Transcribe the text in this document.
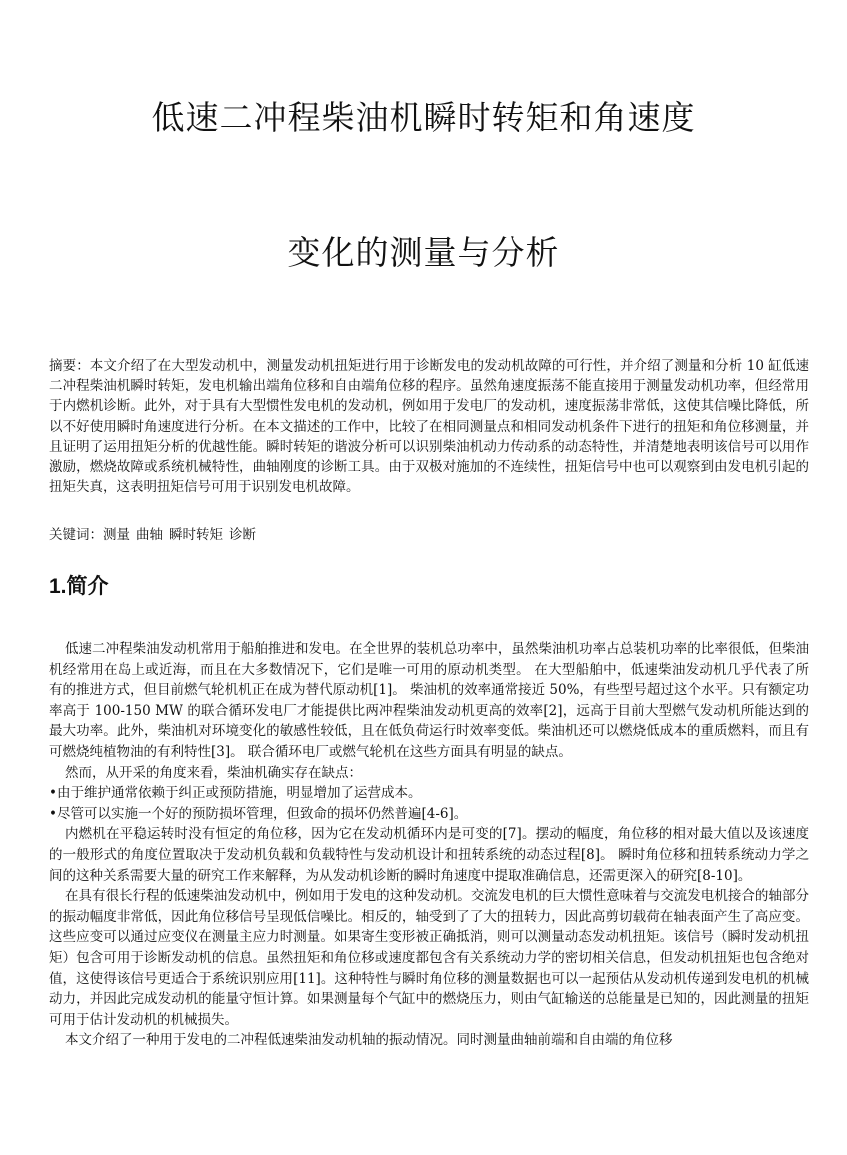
低速二冲程柴油机瞬时转矩和角速度
变化的测量与分析

摘要：本文介绍了在大型发动机中，测量发动机扭矩进行用于诊断发电的发动机故障的可行性，并介绍了测量和分析 10 缸低速二冲程柴油机瞬时转矩，发电机输出端角位移和自由端角位移的程序。虽然角速度振荡不能直接用于测量发动机功率，但经常用于内燃机诊断。此外，对于具有大型惯性发电机的发动机，例如用于发电厂的发动机，速度振荡非常低，这使其信噪比降低，所以不好使用瞬时角速度进行分析。在本文描述的工作中，比较了在相同测量点和相同发动机条件下进行的扭矩和角位移测量，并且证明了运用扭矩分析的优越性能。瞬时转矩的谐波分析可以识别柴油机动力传动系的动态特性，并清楚地表明该信号可以用作激励，燃烧故障或系统机械特性，曲轴刚度的诊断工具。由于双极对施加的不连续性，扭矩信号中也可以观察到由发电机引起的扭矩失真，这表明扭矩信号可用于识别发电机故障。

关键词：测量 曲轴 瞬时转矩 诊断

1.简介

低速二冲程柴油发动机常用于船舶推进和发电。在全世界的装机总功率中，虽然柴油机功率占总装机功率的比率很低，但柴油机经常用在岛上或近海，而且在大多数情况下，它们是唯一可用的原动机类型。 在大型船舶中，低速柴油发动机几乎代表了所有的推进方式，但目前燃气轮机机正在成为替代原动机[1]。 柴油机的效率通常接近 50%，有些型号超过这个水平。只有额定功率高于 100-150 MW 的联合循环发电厂才能提供比两冲程柴油发动机更高的效率[2]，远高于目前大型燃气发动机所能达到的最大功率。此外，柴油机对环境变化的敏感性较低，且在低负荷运行时效率变低。柴油机还可以燃烧低成本的重质燃料，而且有可燃烧纯植物油的有利特性[3]。 联合循环电厂或燃气轮机在这些方面具有明显的缺点。

然而，从开采的角度来看，柴油机确实存在缺点：

•由于维护通常依赖于纠正或预防措施，明显增加了运营成本。

•尽管可以实施一个好的预防损坏管理，但致命的损坏仍然普遍[4-6]。

内燃机在平稳运转时没有恒定的角位移，因为它在发动机循环内是可变的[7]。摆动的幅度，角位移的相对最大值以及该速度的一般形式的角度位置取决于发动机负载和负载特性与发动机设计和扭转系统的动态过程[8]。 瞬时角位移和扭转系统动力学之间的这种关系需要大量的研究工作来解释，为从发动机诊断的瞬时角速度中提取准确信息，还需更深入的研究[8-10]。

在具有很长行程的低速柴油发动机中，例如用于发电的这种发动机。交流发电机的巨大惯性意味着与交流发电机接合的轴部分的振动幅度非常低，因此角位移信号呈现低信噪比。相反的，轴受到了了大的扭转力，因此高剪切载荷在轴表面产生了高应变。这些应变可以通过应变仪在测量主应力时测量。如果寄生变形被正确抵消，则可以测量动态发动机扭矩。该信号（瞬时发动机扭矩）包含可用于诊断发动机的信息。虽然扭矩和角位移或速度都包含有关系统动力学的密切相关信息，但发动机扭矩也包含绝对值，这使得该信号更适合于系统识别应用[11]。这种特性与瞬时角位移的测量数据也可以一起预估从发动机传递到发电机的机械动力，并因此完成发动机的能量守恒计算。如果测量每个气缸中的燃烧压力，则由气缸输送的总能量是已知的，因此测量的扭矩可用于估计发动机的机械损失。

本文介绍了一种用于发电的二冲程低速柴油发动机轴的振动情况。同时测量曲轴前端和自由端的角位移
